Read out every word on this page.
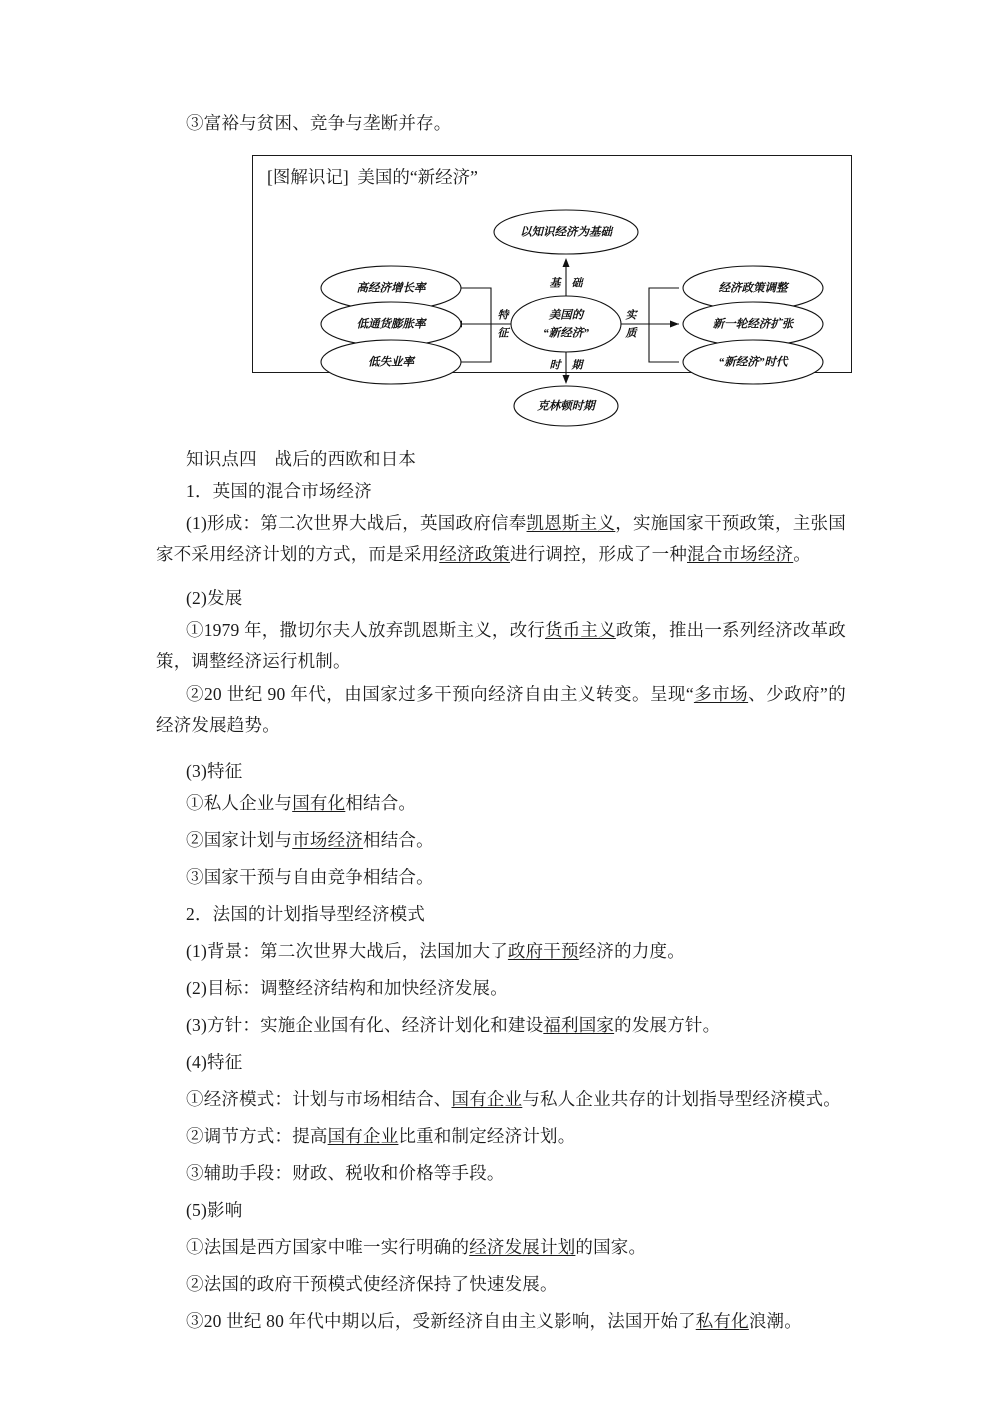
③富裕与贫困、竞争与垄断并存。
[图解识记] 美国的“新经济”
以知识经济为基础
美国的
“新经济”
克林顿时期
高经济增长率
低通货膨胀率
低失业率
经济政策调整
新一轮经济扩张
“新经济”时代
基　础
时　期
特
征
实
质
知识点四　战后的西欧和日本
1．英国的混合市场经济
(1)形成：第二次世界大战后，英国政府信奉凯恩斯主义，实施国家干预政策，主张国家不采用经济计划的方式，而是采用经济政策进行调控，形成了一种混合市场经济。
(2)发展
①1979 年，撒切尔夫人放弃凯恩斯主义，改行货币主义政策，推出一系列经济改革政策，调整经济运行机制。
②20 世纪 90 年代，由国家过多干预向经济自由主义转变。呈现“多市场、少政府”的经济发展趋势。
(3)特征
①私人企业与国有化相结合。
②国家计划与市场经济相结合。
③国家干预与自由竞争相结合。
2．法国的计划指导型经济模式
(1)背景：第二次世界大战后，法国加大了政府干预经济的力度。
(2)目标：调整经济结构和加快经济发展。
(3)方针：实施企业国有化、经济计划化和建设福利国家的发展方针。
(4)特征
①经济模式：计划与市场相结合、国有企业与私人企业共存的计划指导型经济模式。
②调节方式：提高国有企业比重和制定经济计划。
③辅助手段：财政、税收和价格等手段。
(5)影响
①法国是西方国家中唯一实行明确的经济发展计划的国家。
②法国的政府干预模式使经济保持了快速发展。
③20 世纪 80 年代中期以后，受新经济自由主义影响，法国开始了私有化浪潮。
